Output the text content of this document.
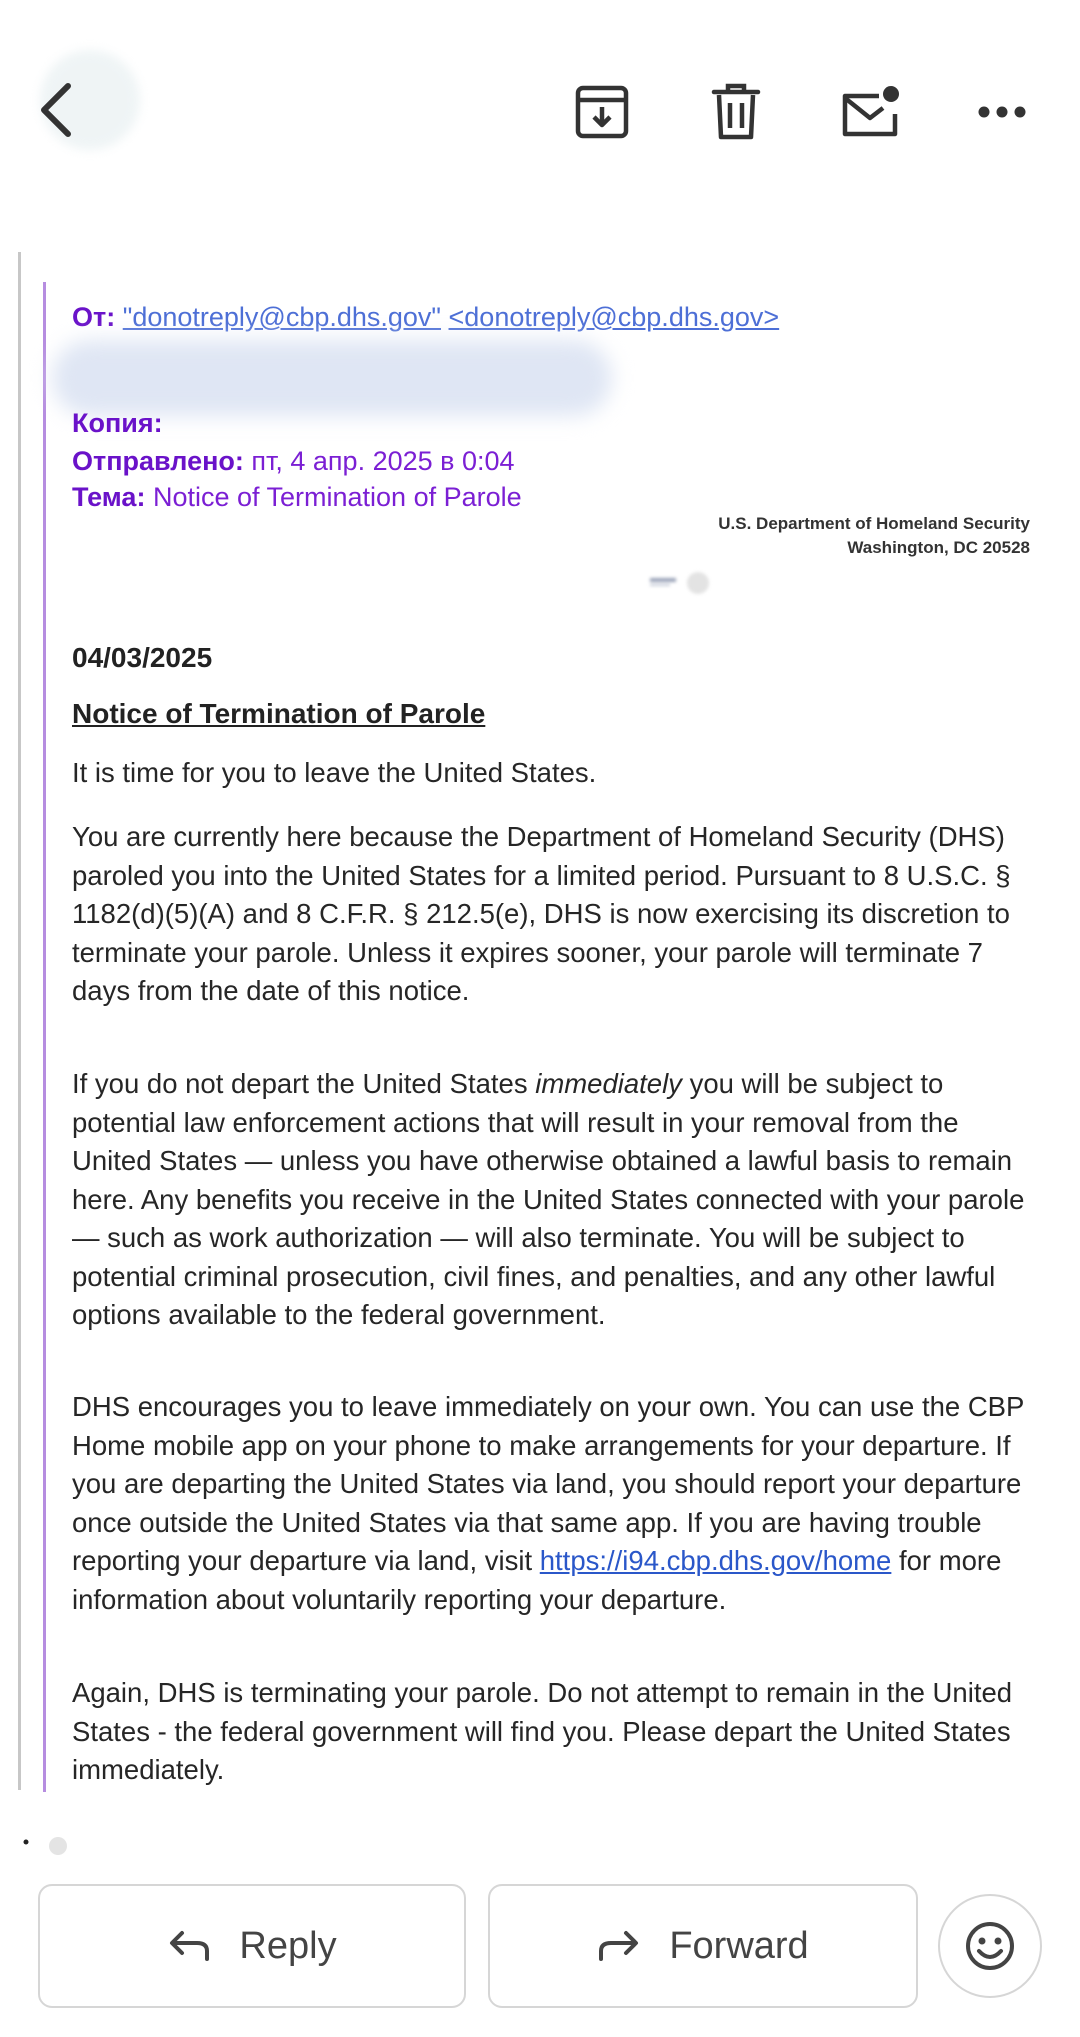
От: "donotreply@cbp.dhs.gov" <donotreply@cbp.dhs.gov>
Копия:
Отправлено: пт, 4 апр. 2025 в 0:04
Тема: Notice of Termination of Parole
U.S. Department of Homeland Security
Washington, DC 20528
04/03/2025
Notice of Termination of Parole

It is time for you to leave the United States.

You are currently here because the Department of Homeland Security (DHS) paroled you into the United States for a limited period. Pursuant to 8 U.S.C. § 1182(d)(5)(A) and 8 C.F.R. § 212.5(e), DHS is now exercising its discretion to terminate your parole. Unless it expires sooner, your parole will terminate 7 days from the date of this notice.

If you do not depart the United States immediately you will be subject to potential law enforcement actions that will result in your removal from the United States — unless you have otherwise obtained a lawful basis to remain here. Any benefits you receive in the United States connected with your parole — such as work authorization — will also terminate. You will be subject to potential criminal prosecution, civil fines, and penalties, and any other lawful options available to the federal government.

DHS encourages you to leave immediately on your own. You can use the CBP Home mobile app on your phone to make arrangements for your departure. If you are departing the United States via land, you should report your departure once outside the United States via that same app. If you are having trouble reporting your departure via land, visit https://i94.cbp.dhs.gov/home for more information about voluntarily reporting your departure.

Again, DHS is terminating your parole. Do not attempt to remain in the United States - the federal government will find you. Please depart the United States immediately.

Reply	Forward
